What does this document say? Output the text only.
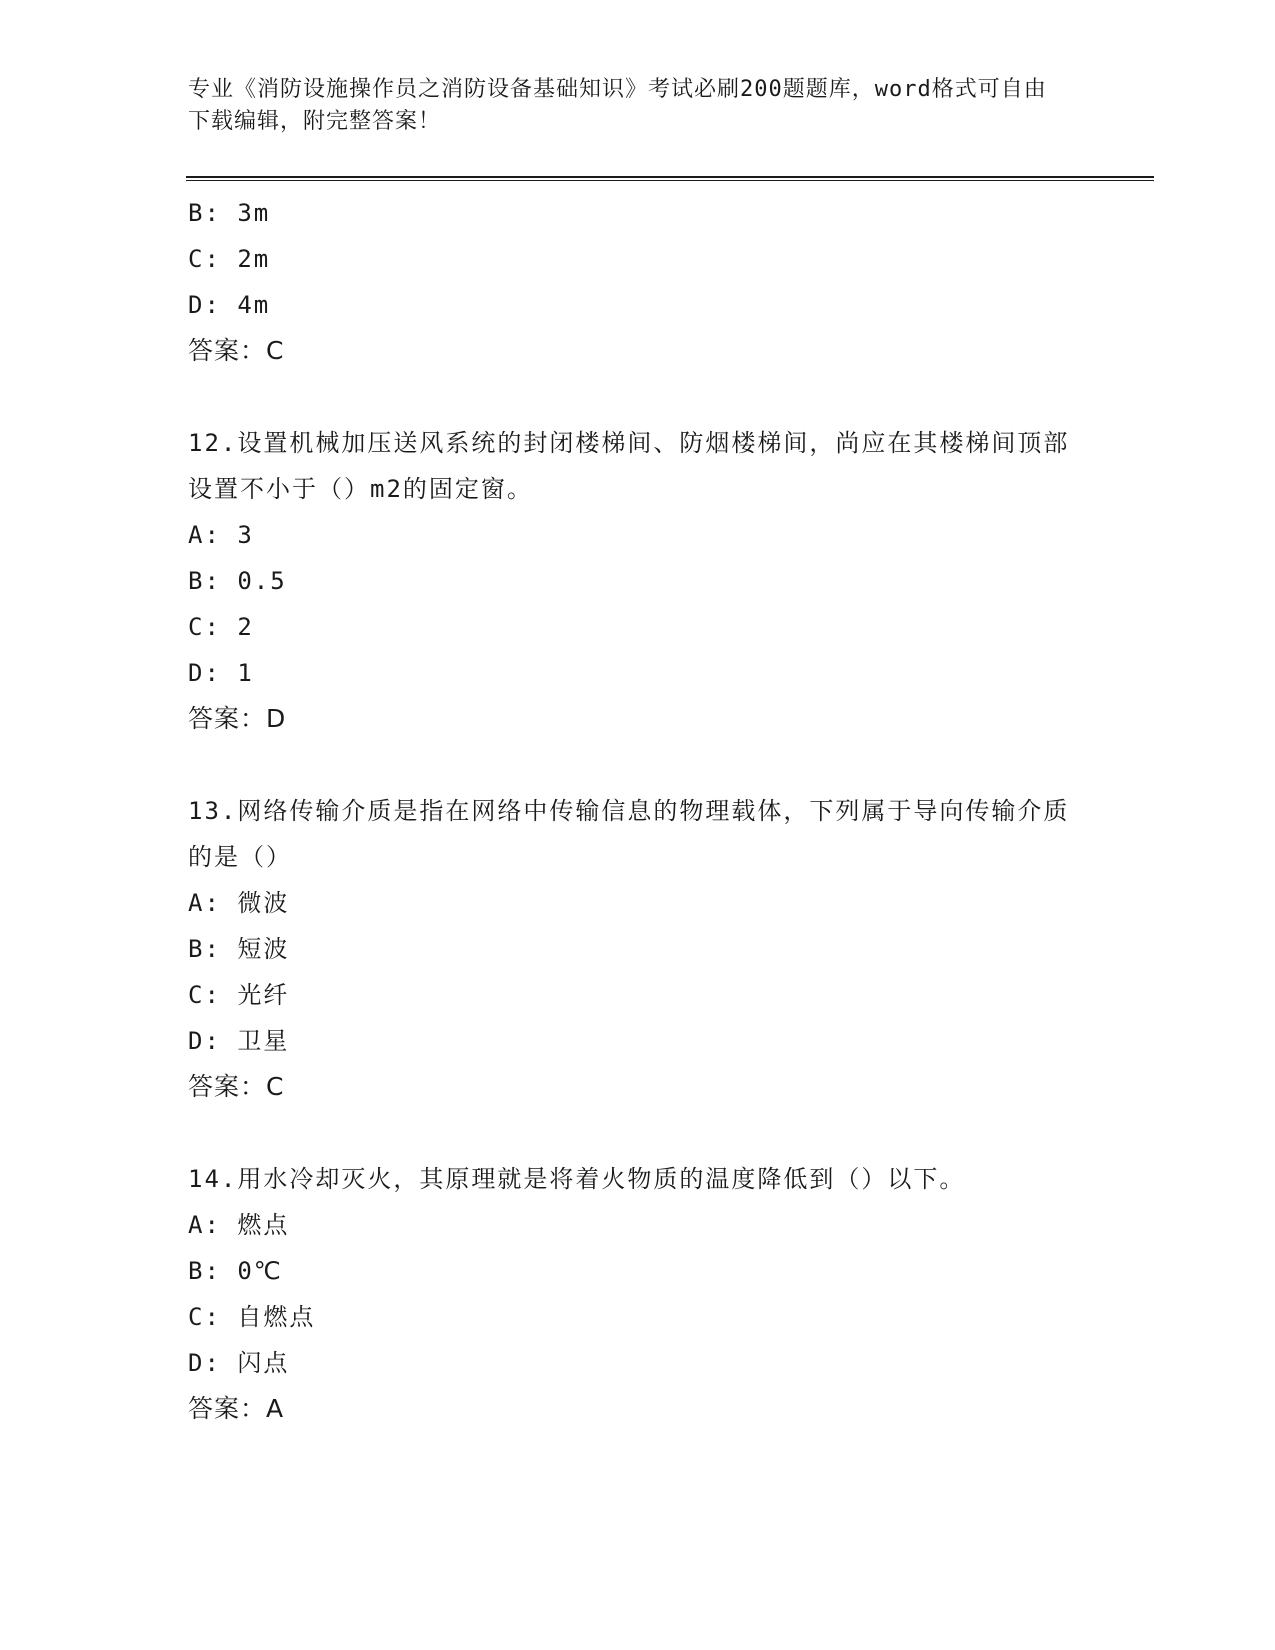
专业《消防设施操作员之消防设备基础知识》考试必刷200题题库，word格式可自由下载编辑，附完整答案！
B: 3m
C: 2m
D: 4m
答案：C
12.设置机械加压送风系统的封闭楼梯间、防烟楼梯间，尚应在其楼梯间顶部设置不小于（）m2的固定窗。
A: 3
B: 0.5
C: 2
D: 1
答案：D
13.网络传输介质是指在网络中传输信息的物理载体，下列属于导向传输介质的是（）
A: 微波
B: 短波
C: 光纤
D: 卫星
答案：C
14.用水冷却灭火，其原理就是将着火物质的温度降低到（）以下。
A: 燃点
B: 0℃
C: 自燃点
D: 闪点
答案：A
